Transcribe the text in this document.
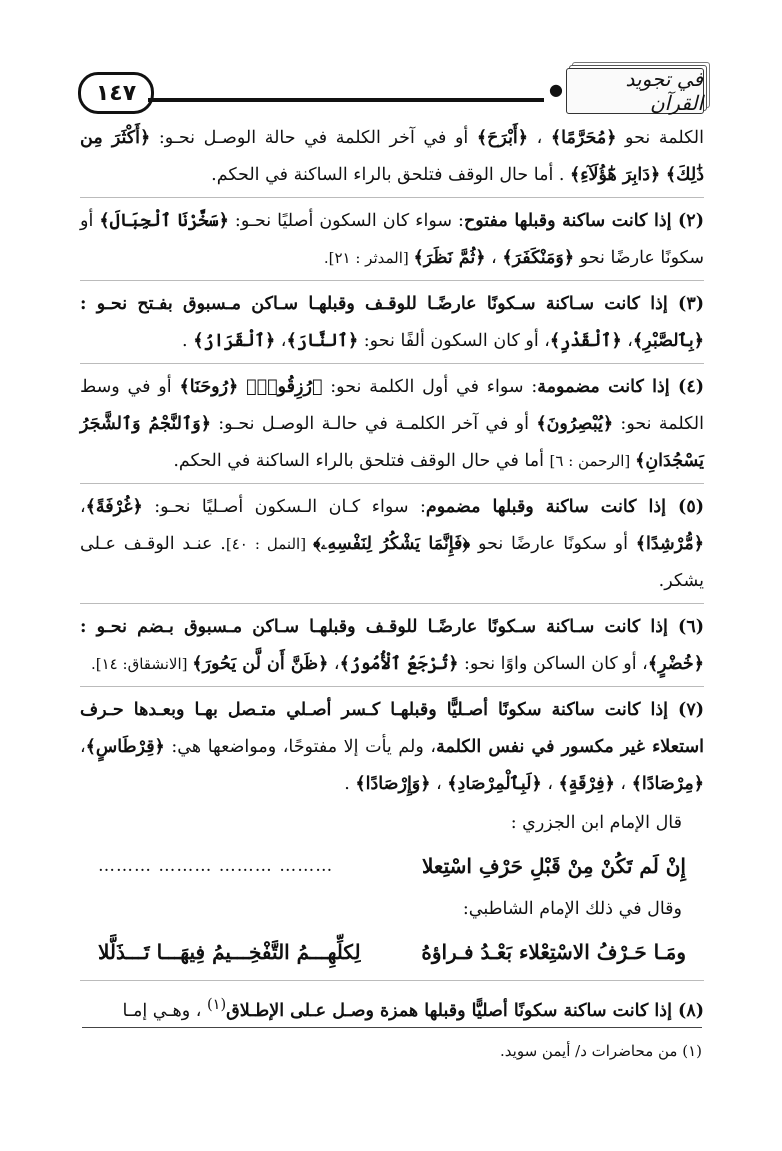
١٤٧	●	في تجويد القرآن

الكلمة نحو ﴿مُحَرَّمًا﴾ ، ﴿أَبْرَحَ﴾ أو في آخر الكلمة في حالة الوصـل نحـو: ﴿أَكْثَرَ مِن ذَٰلِكَ﴾ ﴿دَابِرَ هَٰٓؤُلَآءِ﴾ . أما حال الوقف فتلحق بالراء الساكنة في الحكم.

(٢) إذا كانت ساكنة وقبلها مفتوح: سواء كان السكون أصليًا نحـو: ﴿سَخَّرْنَا ٱلْجِبَالَ﴾ أو سكونًا عارضًا نحو ﴿وَمَنْكَفَرَ﴾ ، ﴿ثُمَّ نَظَرَ﴾ [المدثر : ٢١].

(٣) إذا كانت سـاكنة سـكونًا عارضًـا للوقـف وقبلهـا سـاكن مـسبوق بفـتح نحـو : ﴿بِٱلصَّبْرِ﴾، ﴿ٱلْقَدْرِ﴾، أو كان السكون ألفًا نحو: ﴿ٱلنَّارَ﴾، ﴿ٱلْقَرَارُ﴾ .

(٤) إذا كانت مضمومة: سواء في أول الكلمة نحو: ﴿رُزِقُوا۟﴾ ﴿رُوحَنَا﴾ أو في وسط الكلمة نحو: ﴿يُبْصِرُونَ﴾ أو في آخر الكلمـة في حالـة الوصـل نحـو: ﴿وَٱلنَّجْمُ وَٱلشَّجَرُ يَسْجُدَانِ﴾ [الرحمن : ٦] أما في حال الوقف فتلحق بالراء الساكنة في الحكم.

(٥) إذا كانت ساكنة وقبلها مضموم: سواء كـان الـسكون أصـليًا نحـو: ﴿غُرْفَةً﴾، ﴿مُّرْشِدًا﴾ أو سكونًا عارضًا نحو ﴿فَإِنَّمَا يَشْكُرُ لِنَفْسِهِۦ﴾ [النمل : ٤٠]. عنـد الوقـف عـلى يشكر.

(٦) إذا كانت سـاكنة سـكونًا عارضًـا للوقـف وقبلهـا سـاكن مـسبوق بـضم نحـو : ﴿خُضْرٍ﴾، أو كان الساكن واوًا نحو: ﴿تُرْجَعُ ٱلْأُمُورُ﴾، ﴿ظَنَّ أَن لَّن يَحُورَ﴾ [الانشقاق: ١٤].

(٧) إذا كانت ساكنة سكونًا أصـليًّا وقبلهـا كـسر أصـلي متـصل بهـا وبعـدها حـرف استعلاء غير مكسور في نفس الكلمة، ولم يأت إلا مفتوحًا، ومواضعها هي: ﴿قِرْطَاسٍ﴾، ﴿مِرْصَادًا﴾ ، ﴿فِرْقَةٍ﴾ ، ﴿لَبِٱلْمِرْصَادِ﴾ ، ﴿وَإِرْصَادًا﴾ .

قال الإمام ابن الجزري :

إِنْ لَم تَكُنْ مِنْ قَبْلِ حَرْفِ اسْتِعلا
……… ……… ……… ………

وقال في ذلك الإمام الشاطبي:

ومَـا حَـرْفُ الاسْتِعْلاء بَعْـدُ فـراؤهُ
لِكلِّهِـــمُ التَّفْخِـــيمُ فِيهَـــا تَـــذَلَّلا

(٨) إذا كانت ساكنة سكونًا أصليًّا وقبلها همزة وصـل عـلى الإطـلاق$^{(١)}$ ، وهـي إمـا

(١) من محاضرات د/ أيمن سويد.
